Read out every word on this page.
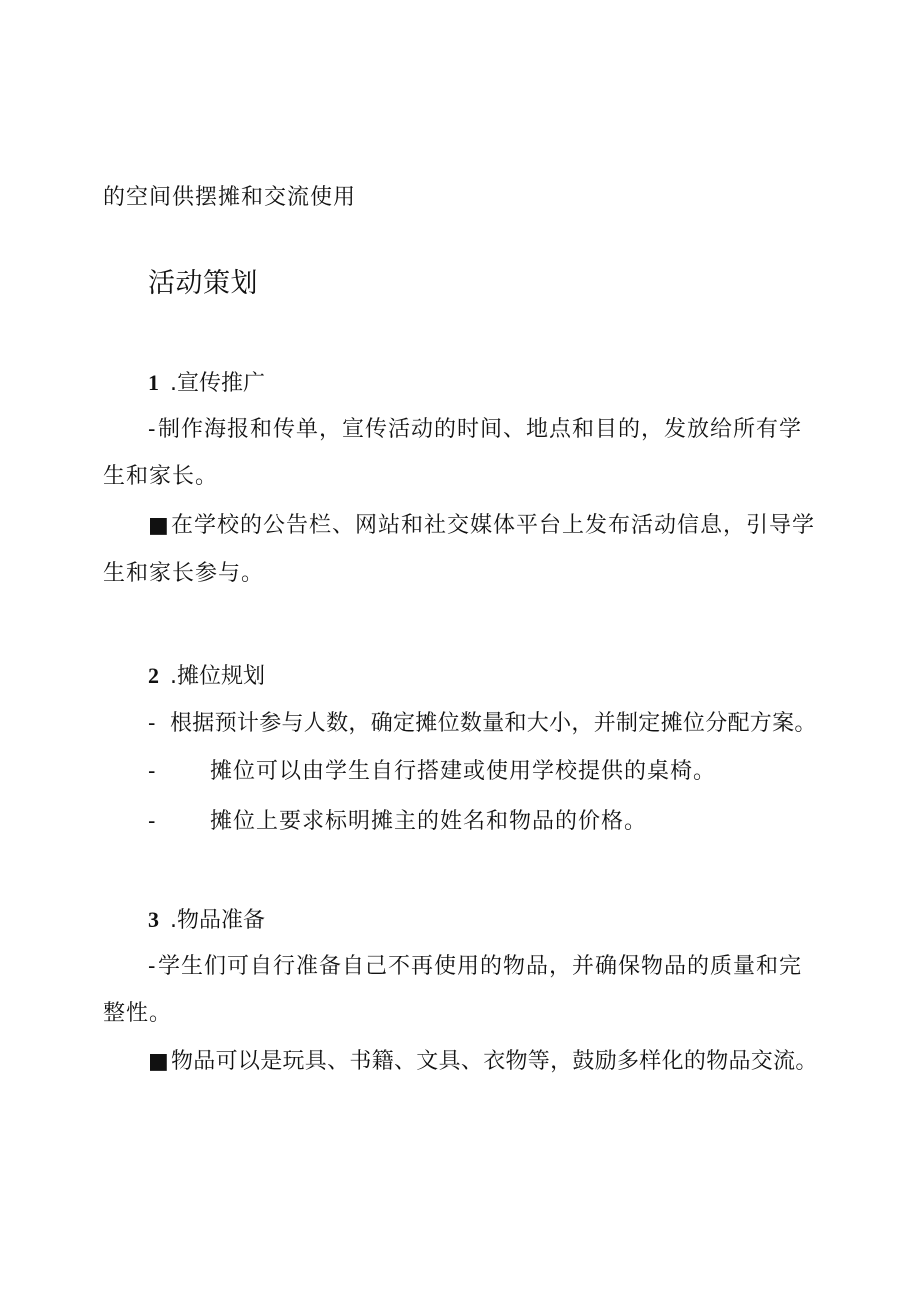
的空间供摆摊和交流使用
活动策划
1 .宣传推广
-制作海报和传单，宣传活动的时间、地点和目的，发放给所有学
生和家长。
■在学校的公告栏、网站和社交媒体平台上发布活动信息，引导学
生和家长参与。
2 .摊位规划
- 根据预计参与人数，确定摊位数量和大小，并制定摊位分配方案。
- 摊位可以由学生自行搭建或使用学校提供的桌椅。
- 摊位上要求标明摊主的姓名和物品的价格。
3 .物品准备
-学生们可自行准备自己不再使用的物品，并确保物品的质量和完
整性。
■物品可以是玩具、书籍、文具、衣物等，鼓励多样化的物品交流。
